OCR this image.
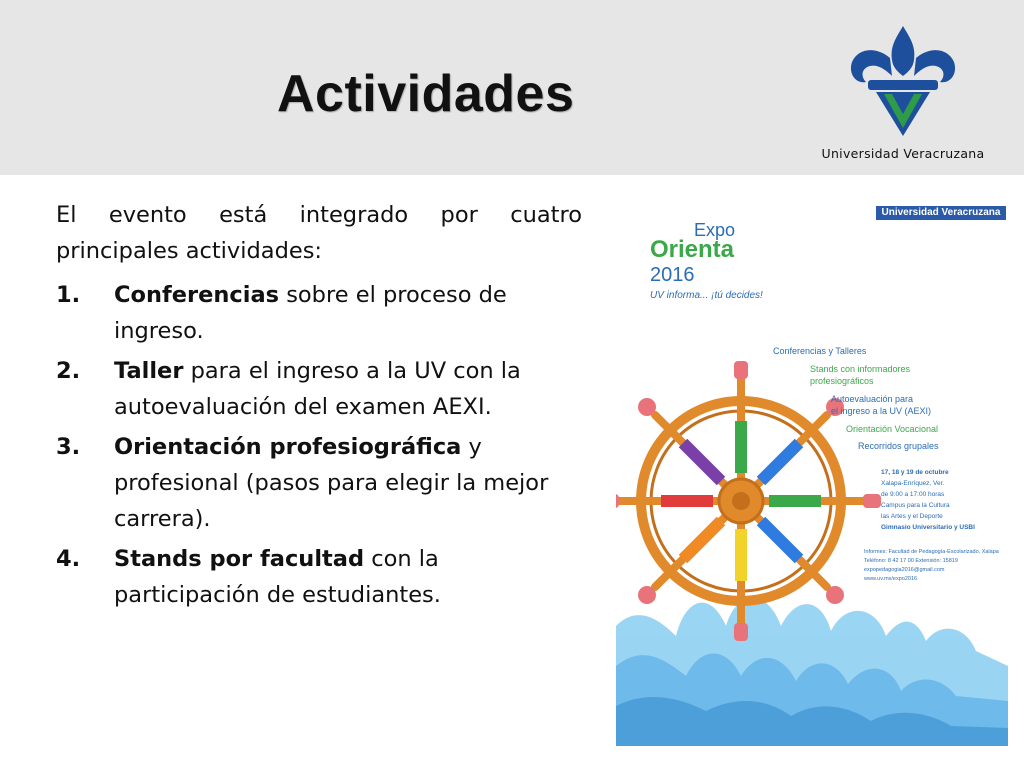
Actividades
Universidad Veracruzana

El evento está integrado por cuatro principales actividades:

1. Conferencias sobre el proceso de ingreso.
2. Taller para el ingreso a la UV con la autoevaluación del examen AEXI.
3. Orientación profesiográfica y profesional (pasos para elegir la mejor carrera).
4. Stands por facultad con la participación de estudiantes.
Universidad Veracruzana
Expo
Orienta
2016
UV informa... ¡tú decides!
Conferencias y Talleres
Stands con informadores
profesiográficos
Autoevaluación para
el ingreso a la UV (AEXI)
Orientación Vocacional
Recorridos grupales
17, 18 y 19 de octubre
Xalapa-Enríquez, Ver.
de 9:00 a 17:00 horas
Campus para la Cultura
las Artes y el Deporte
Gimnasio Universitario y USBI
Informes: Facultad de Pedagogía-Escolarizado, Xalapa
Teléfono: 8 42 17 00 Extensión: 15819
expopedagogia2016@gmail.com
www.uv.mx/expo2016
